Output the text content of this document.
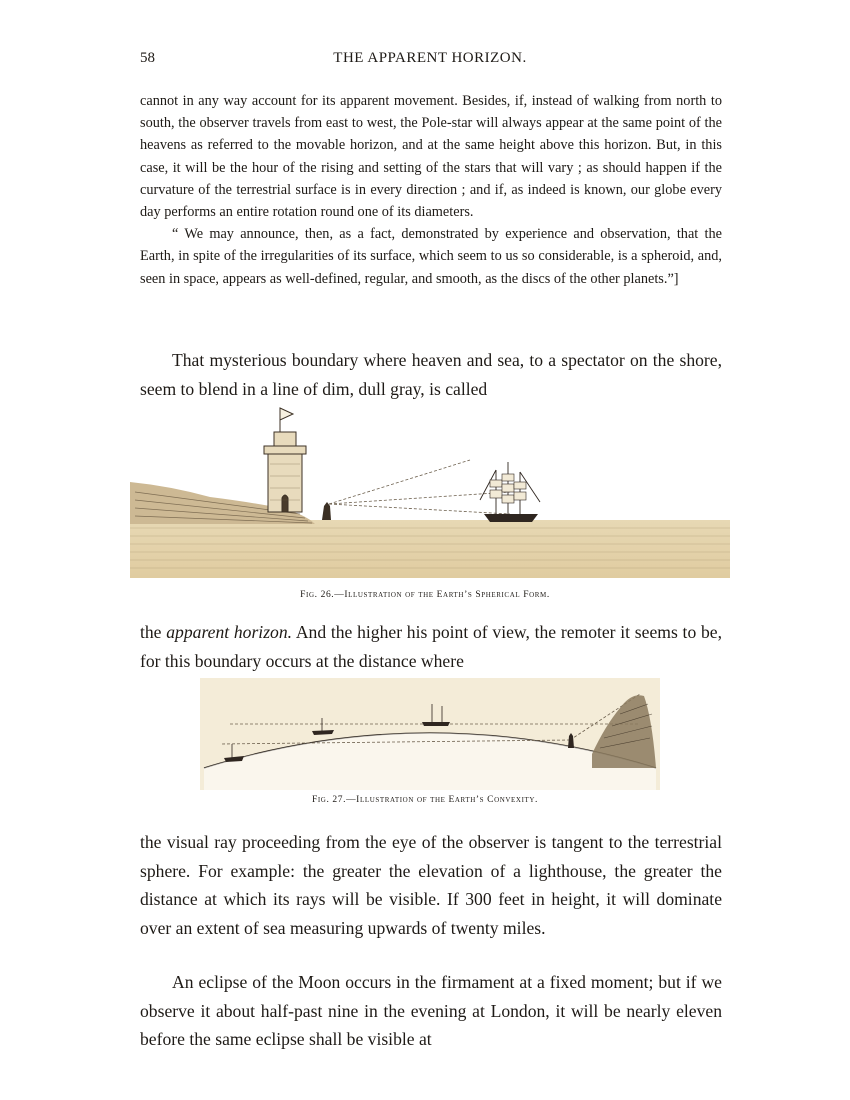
58	THE APPARENT HORIZON.

cannot in any way account for its apparent movement. Besides, if, instead of walking from north to south, the observer travels from east to west, the Pole-star will always appear at the same point of the heavens as referred to the movable horizon, and at the same height above this horizon. But, in this case, it will be the hour of the rising and setting of the stars that will vary ; as should happen if the curvature of the terrestrial surface is in every direction ; and if, as indeed is known, our globe every day performs an entire rotation round one of its diameters.

“ We may announce, then, as a fact, demonstrated by experience and observation, that the Earth, in spite of the irregularities of its surface, which seem to us so considerable, is a spheroid, and, seen in space, appears as well-defined, regular, and smooth, as the discs of the other planets.”]

That mysterious boundary where heaven and sea, to a spectator on the shore, seem to blend in a line of dim, dull gray, is called

Fig. 26.—Illustration of the Earth’s Spherical Form.

the apparent horizon. And the higher his point of view, the remoter it seems to be, for this boundary occurs at the distance where

Fig. 27.—Illustration of the Earth’s Convexity.

the visual ray proceeding from the eye of the observer is tangent to the terrestrial sphere. For example: the greater the elevation of a lighthouse, the greater the distance at which its rays will be visible. If 300 feet in height, it will dominate over an extent of sea measuring upwards of twenty miles.

An eclipse of the Moon occurs in the firmament at a fixed moment; but if we observe it about half-past nine in the evening at London, it will be nearly eleven before the same eclipse shall be visible at
